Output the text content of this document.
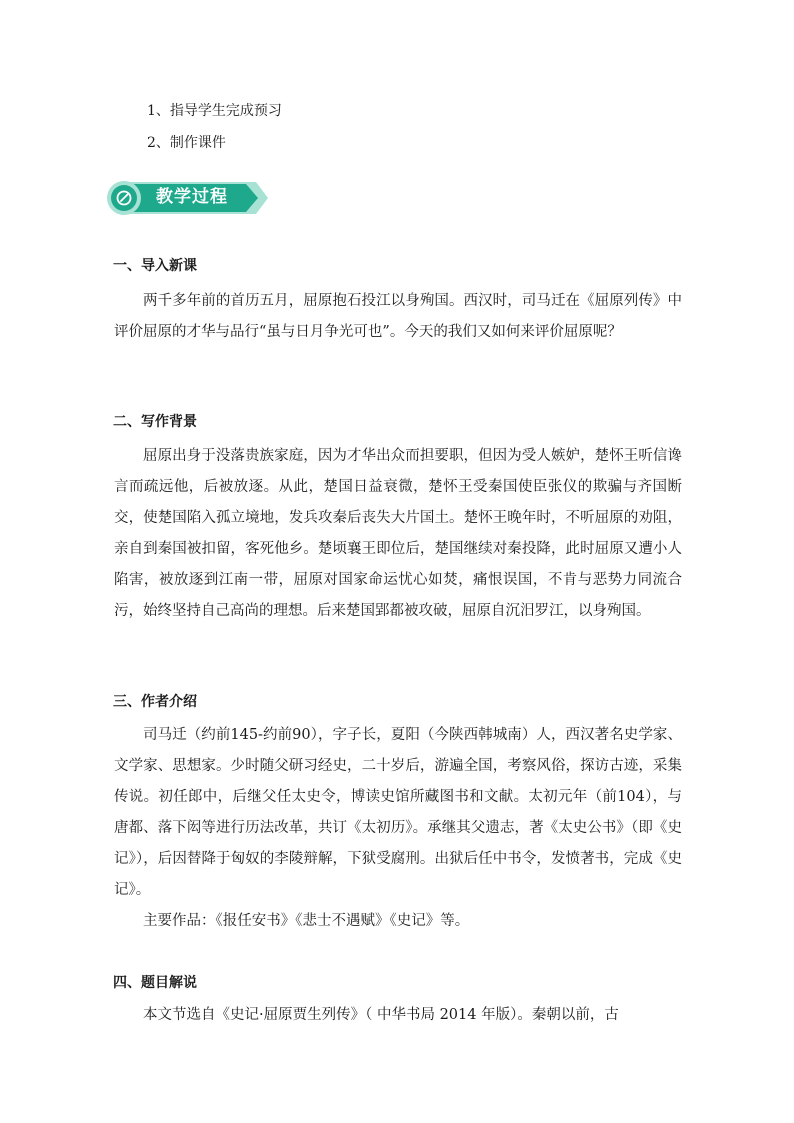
1、指导学生完成预习
2、制作课件
教学过程
一、导入新课

两千多年前的首历五月，屈原抱石投江以身殉国。西汉时，司马迁在《屈原列传》中评价屈原的才华与品行“虽与日月争光可也”。今天的我们又如何来评价屈原呢？

二、写作背景

屈原出身于没落贵族家庭，因为才华出众而担要职，但因为受人嫉妒，楚怀王听信谗言而疏远他，后被放逐。从此，楚国日益衰微，楚怀王受秦国使臣张仪的欺骗与齐国断交，使楚国陷入孤立境地，发兵攻秦后丧失大片国土。楚怀王晚年时，不听屈原的劝阻，亲自到秦国被扣留，客死他乡。楚顷襄王即位后，楚国继续对秦投降，此时屈原又遭小人陷害，被放逐到江南一带，屈原对国家命运忧心如焚，痛恨误国，不肯与恶势力同流合污，始终坚持自己高尚的理想。后来楚国郢都被攻破，屈原自沉汨罗江，以身殉国。

三、作者介绍

司马迁（约前145-约前90），字子长，夏阳（今陕西韩城南）人，西汉著名史学家、文学家、思想家。少时随父研习经史，二十岁后，游遍全国，考察风俗，探访古迹，采集传说。初任郎中，后继父任太史令，博读史馆所藏图书和文献。太初元年（前104），与唐都、落下闳等进行历法改革，共订《太初历》。承继其父遗志，著《太史公书》（即《史记》），后因替降于匈奴的李陵辩解，下狱受腐刑。出狱后任中书令，发愤著书，完成《史记》。

主要作品：《报任安书》《悲士不遇赋》《史记》等。

四、题目解说

本文节选自《史记·屈原贾生列传》（ 中华书局 2014 年版）。秦朝以前，古
